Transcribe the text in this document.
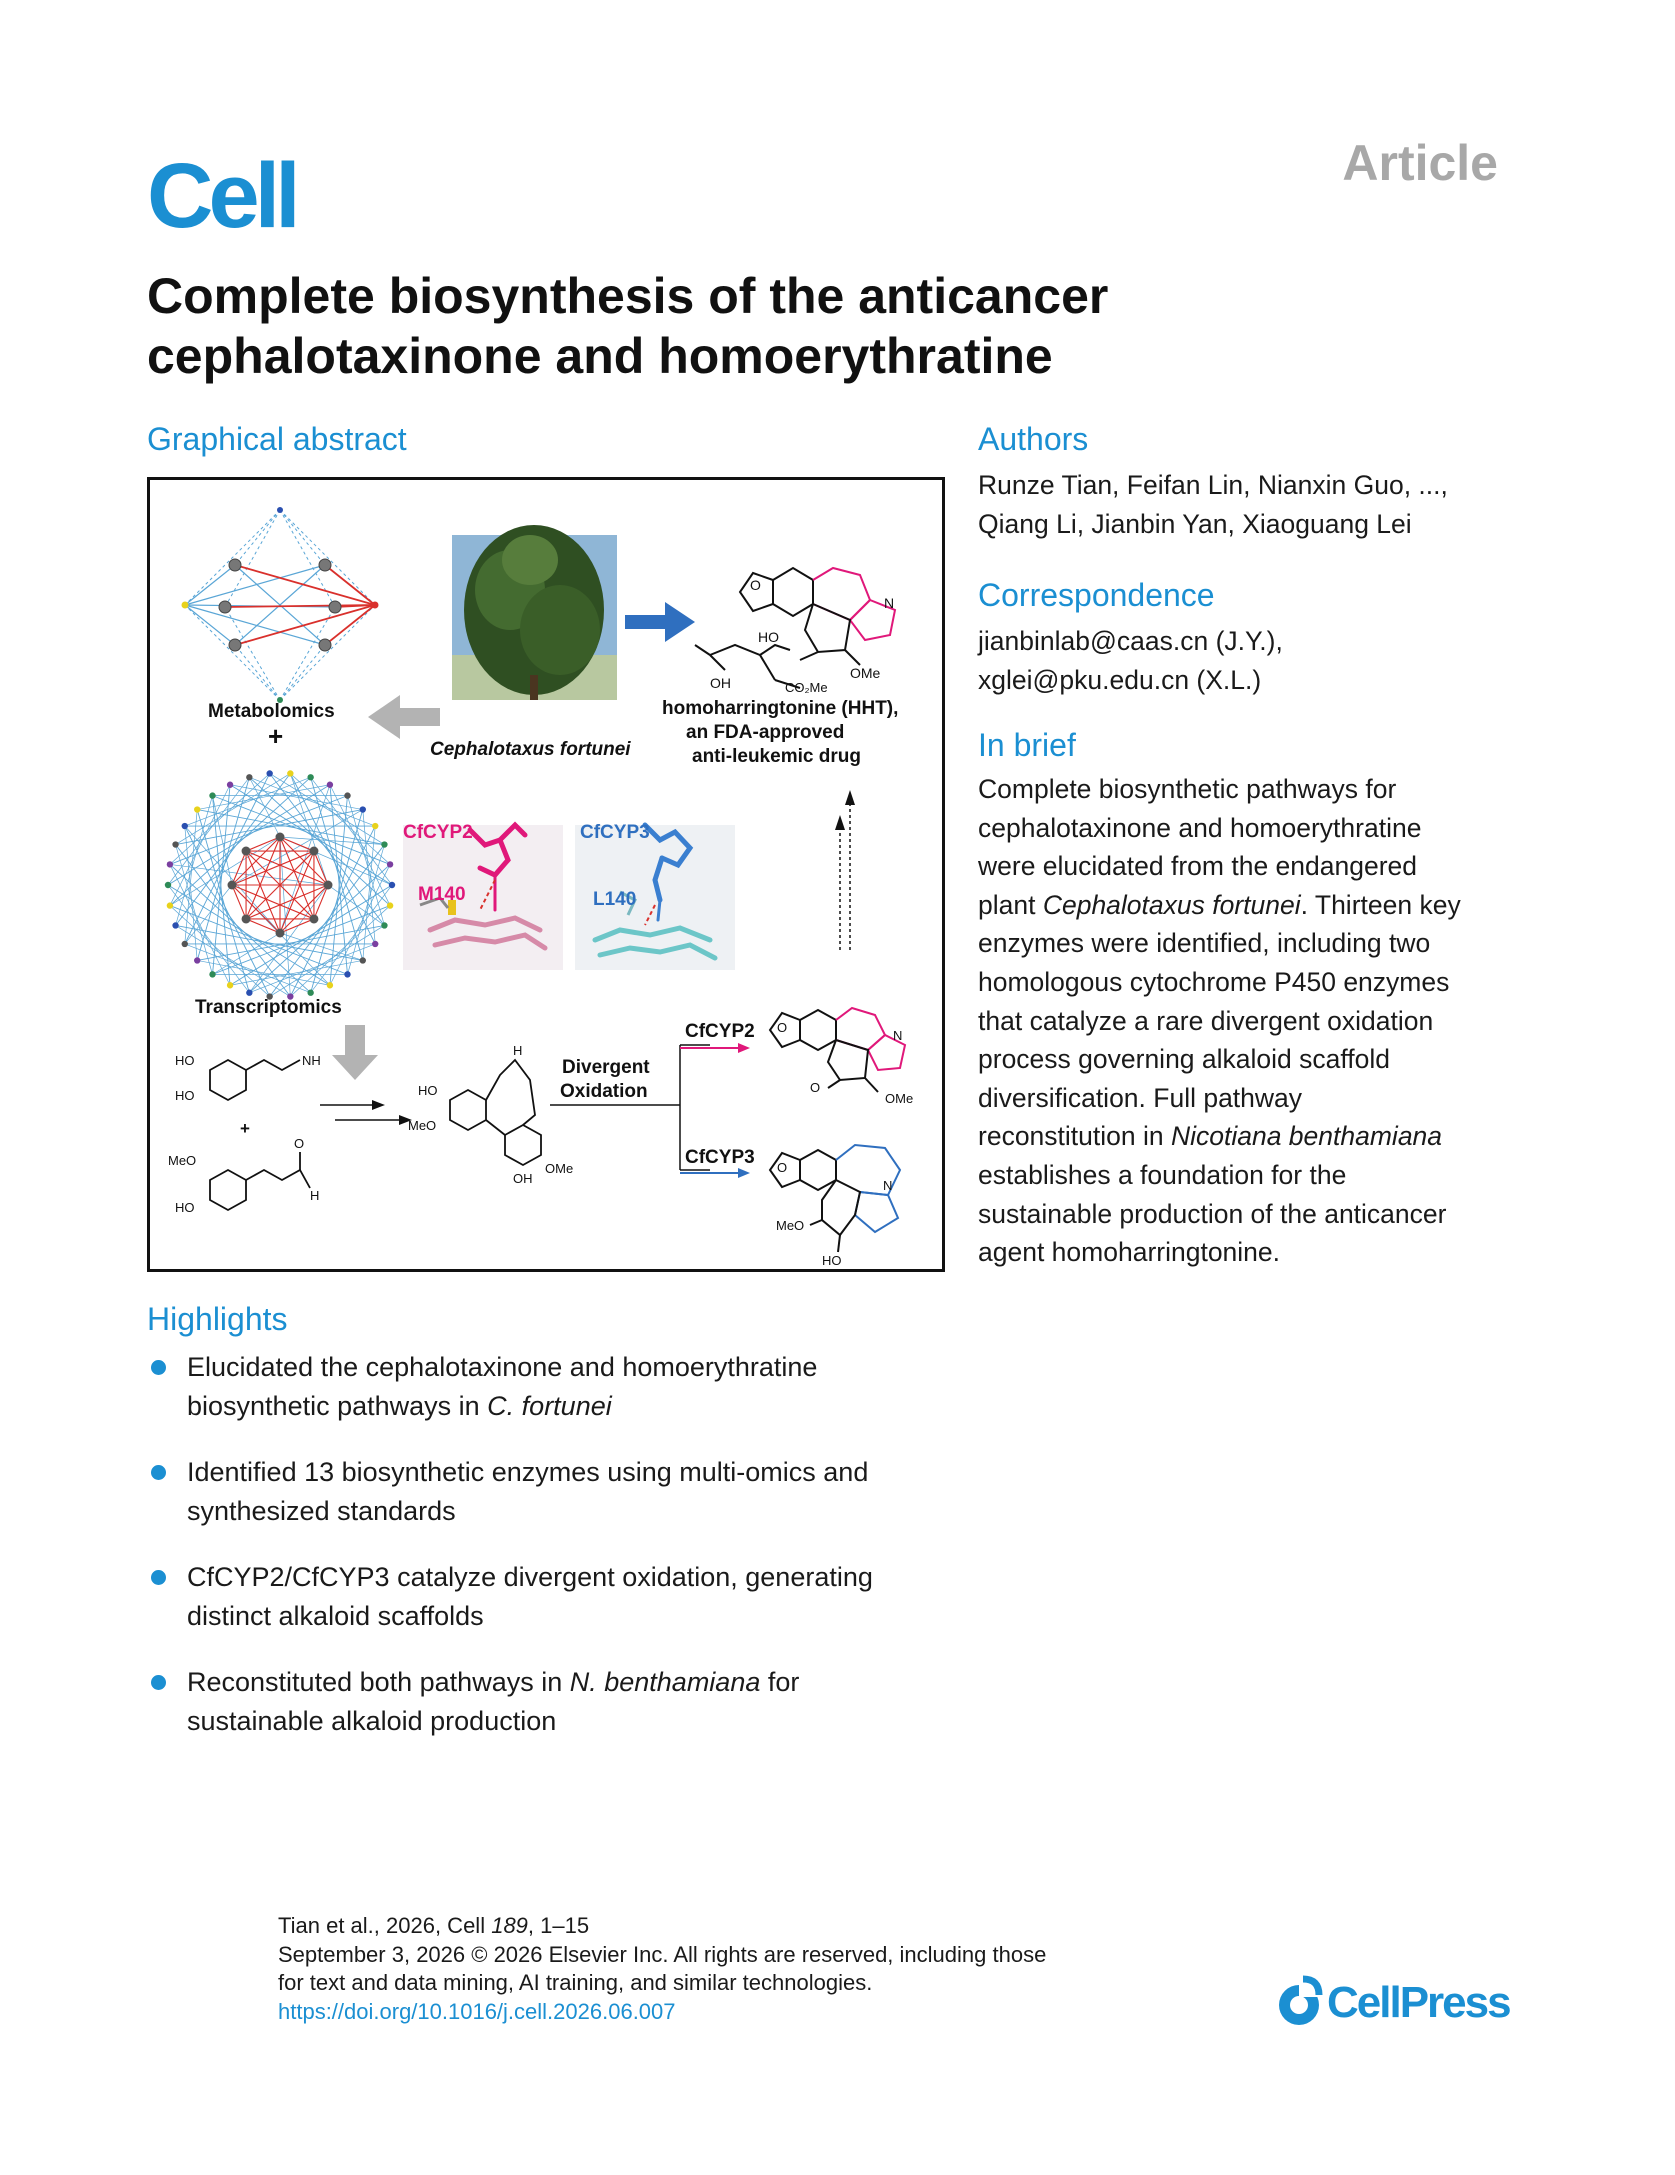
Cell	Article
Complete biosynthesis of the anticancer
cephalotaxinone and homoerythratine
Graphical abstract
Metabolomics
+
Transcriptomics
Cephalotaxus fortunei
O
N
OMe
HO
OH	CO₂Me
homoharringtonine (HHT),
an FDA-approved
anti-leukemic drug
CfCYP2
M140
CfCYP3
L140
HO
HO
NH
+
MeO
HO
O
H
H
HO
MeO
OMe
OH
Divergent
Oxidation
CfCYP2
CfCYP3
O
N
O
OMe
O
N
MeO
HO
Authors
Runze Tian, Feifan Lin, Nianxin Guo, ...,
Qiang Li, Jianbin Yan, Xiaoguang Lei
Correspondence
jianbinlab@caas.cn (J.Y.),
xglei@pku.edu.cn (X.L.)
In brief
Complete biosynthetic pathways for
cephalotaxinone and homoerythratine
were elucidated from the endangered
plant Cephalotaxus fortunei. Thirteen key
enzymes were identified, including two
homologous cytochrome P450 enzymes
that catalyze a rare divergent oxidation
process governing alkaloid scaffold
diversification. Full pathway
reconstitution in Nicotiana benthamiana
establishes a foundation for the
sustainable production of the anticancer
agent homoharringtonine.
Highlights
Elucidated the cephalotaxinone and homoerythratine
biosynthetic pathways in C. fortunei
Identified 13 biosynthetic enzymes using multi-omics and
synthesized standards
CfCYP2/CfCYP3 catalyze divergent oxidation, generating
distinct alkaloid scaffolds
Reconstituted both pathways in N. benthamiana for
sustainable alkaloid production
Tian et al., 2026, Cell 189, 1–15
September 3, 2026 © 2026 Elsevier Inc. All rights are reserved, including those
for text and data mining, AI training, and similar technologies.
https://doi.org/10.1016/j.cell.2026.06.007	CellPress
